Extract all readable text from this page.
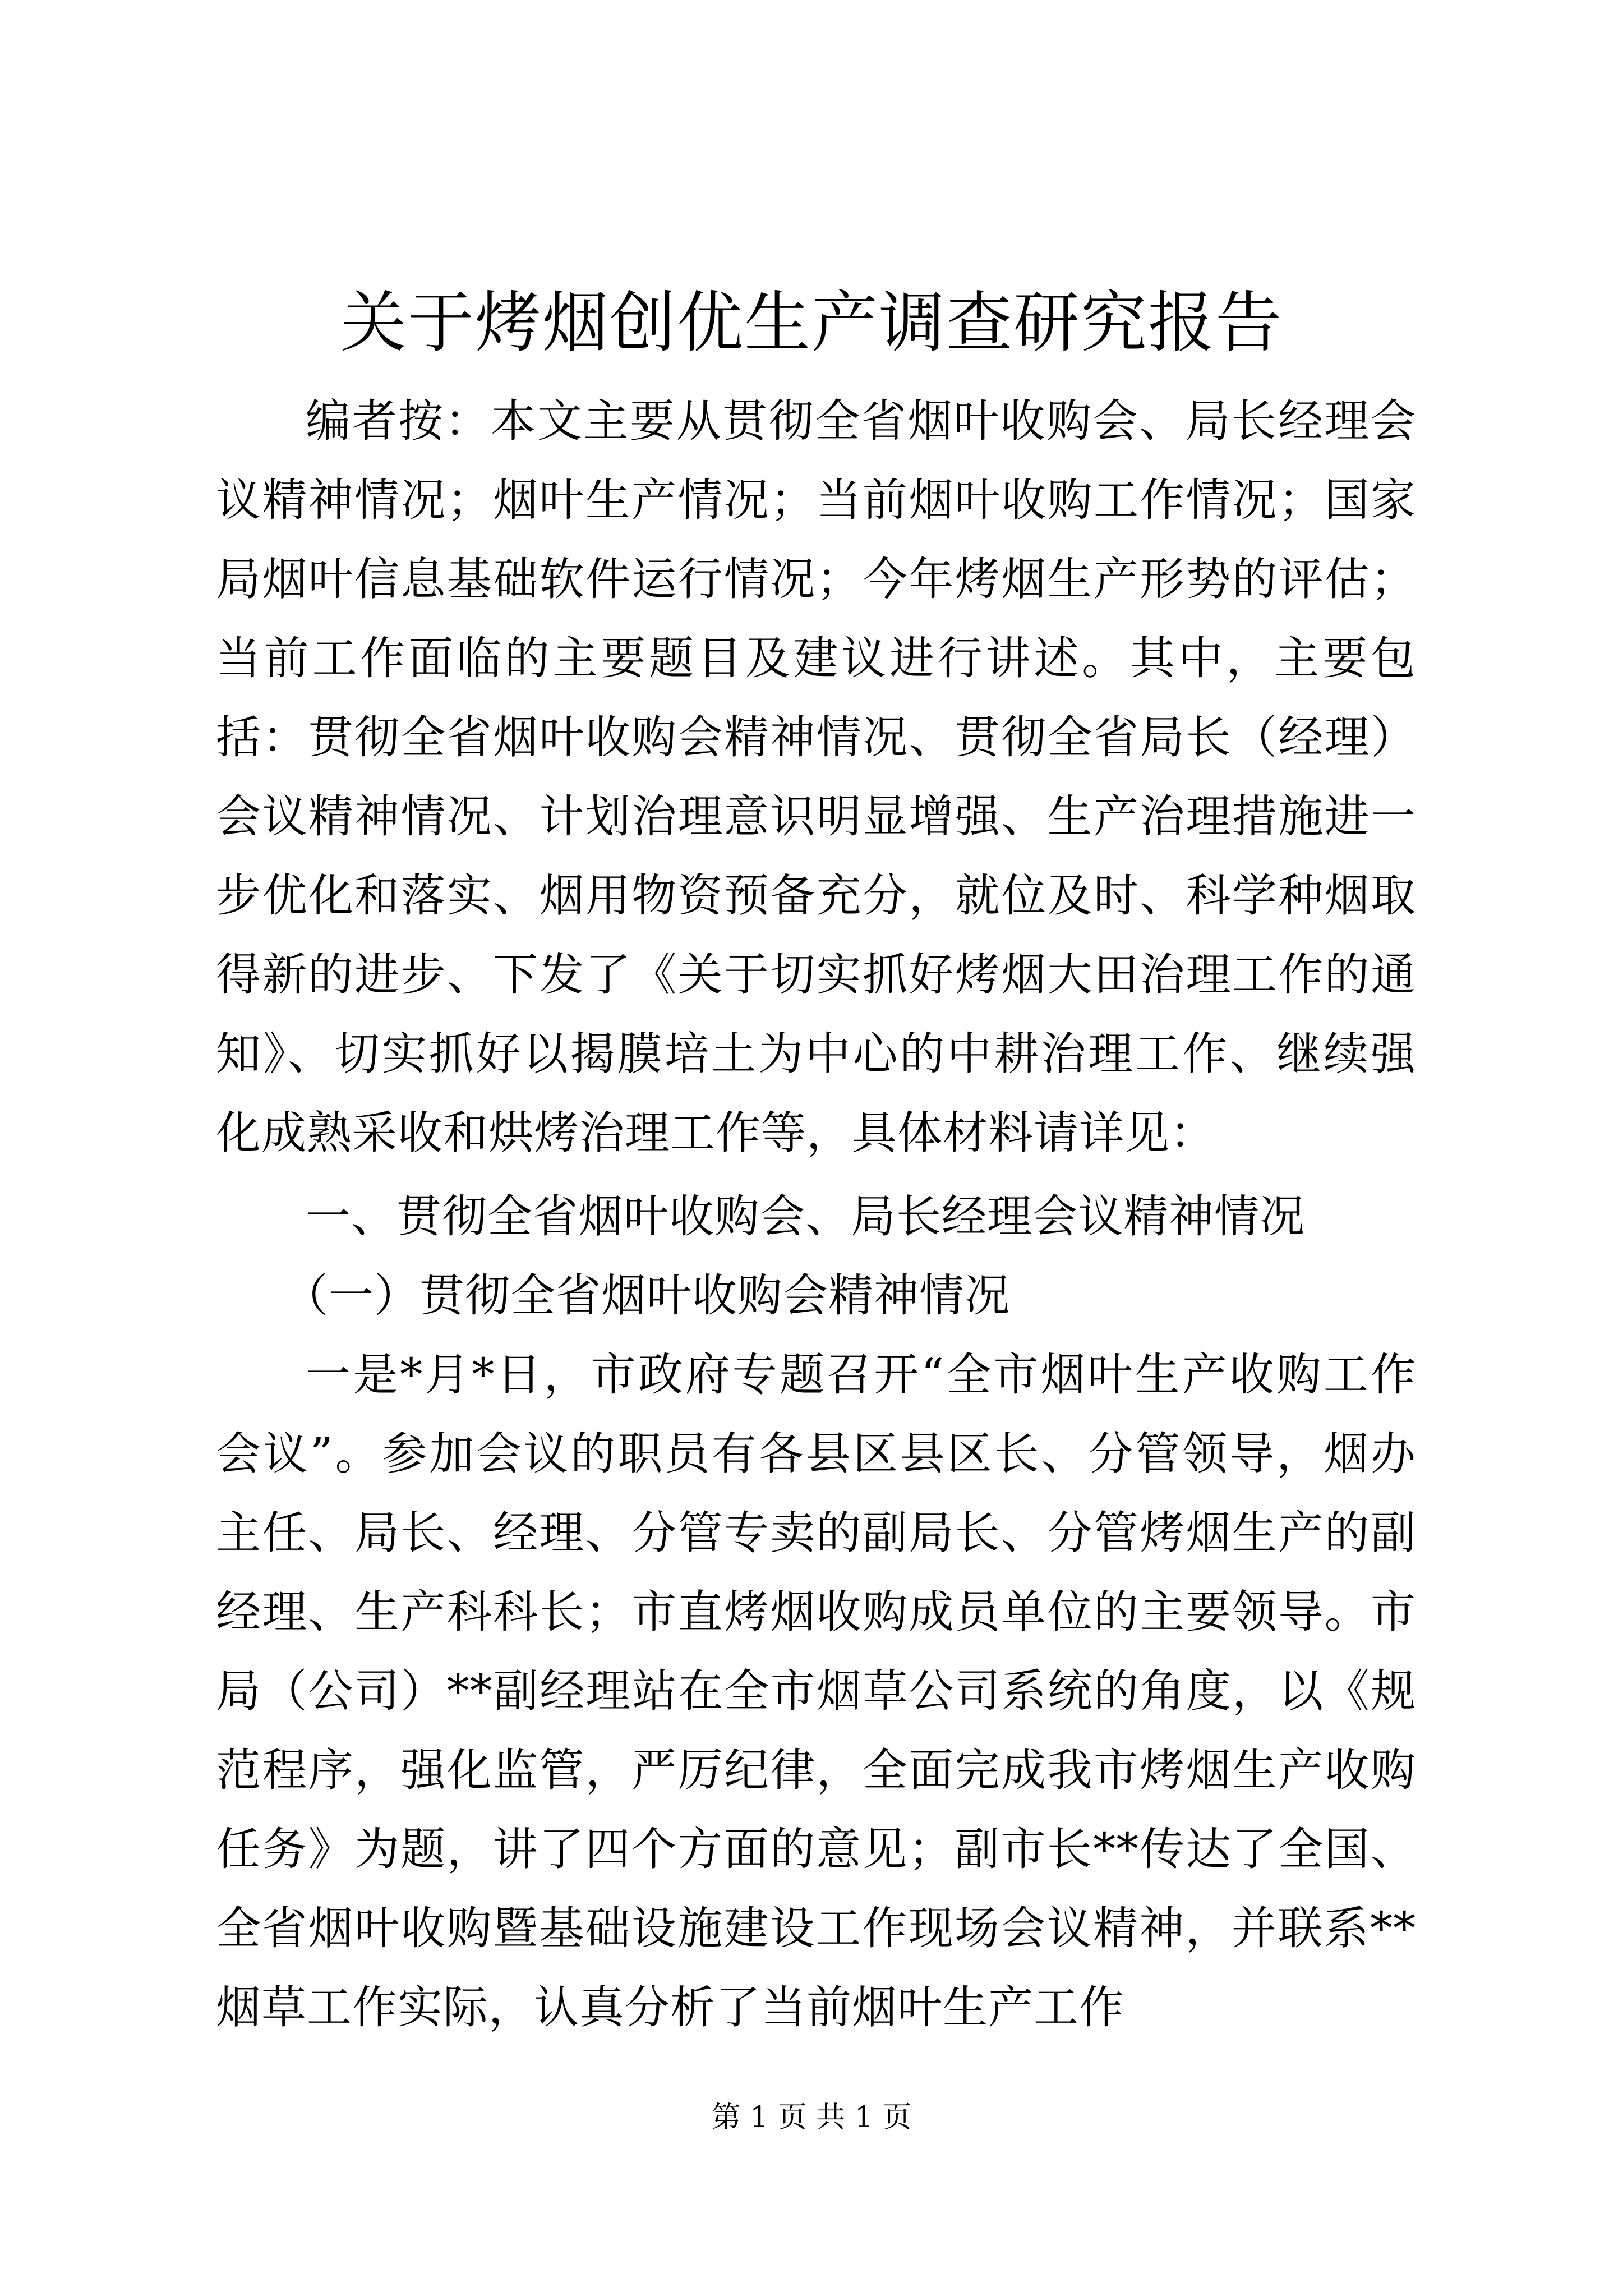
关于烤烟创优生产调查研究报告

编者按：本文主要从贯彻全省烟叶收购会、局长经理会议精神情况；烟叶生产情况；当前烟叶收购工作情况；国家局烟叶信息基础软件运行情况；今年烤烟生产形势的评估；当前工作面临的主要题目及建议进行讲述。其中，主要包括：贯彻全省烟叶收购会精神情况、贯彻全省局长（经理）会议精神情况、计划治理意识明显增强、生产治理措施进一步优化和落实、烟用物资预备充分，就位及时、科学种烟取得新的进步、下发了《关于切实抓好烤烟大田治理工作的通知》、切实抓好以揭膜培土为中心的中耕治理工作、继续强化成熟采收和烘烤治理工作等，具体材料请详见：

一、贯彻全省烟叶收购会、局长经理会议精神情况

（一）贯彻全省烟叶收购会精神情况

一是*月*日，市政府专题召开“全市烟叶生产收购工作会议”。参加会议的职员有各县区县区长、分管领导，烟办主任、局长、经理、分管专卖的副局长、分管烤烟生产的副经理、生产科科长；市直烤烟收购成员单位的主要领导。市局（公司）**副经理站在全市烟草公司系统的角度，以《规范程序，强化监管，严厉纪律，全面完成我市烤烟生产收购任务》为题，讲了四个方面的意见；副市长**传达了全国、全省烟叶收购暨基础设施建设工作现场会议精神，并联系**烟草工作实际，认真分析了当前烟叶生产工作

第 1 页 共 1 页
